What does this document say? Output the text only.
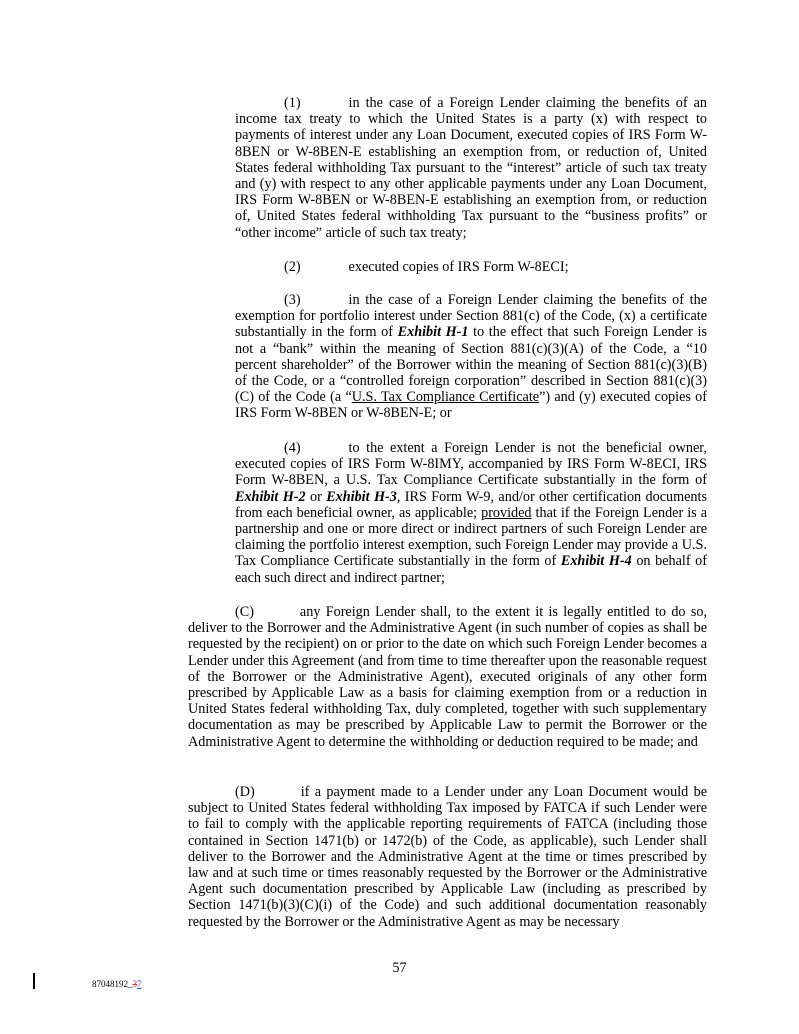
(1)	in the case of a Foreign Lender claiming the benefits of an income tax treaty to which the United States is a party (x) with respect to payments of interest under any Loan Document, executed copies of IRS Form W-8BEN or W-8BEN-E establishing an exemption from, or reduction of, United States federal withholding Tax pursuant to the “interest” article of such tax treaty and (y) with respect to any other applicable payments under any Loan Document, IRS Form W-8BEN or W-8BEN-E establishing an exemption from, or reduction of, United States federal withholding Tax pursuant to the “business profits” or “other income” article of such tax treaty;

(2)	executed copies of IRS Form W-8ECI;

(3)	in the case of a Foreign Lender claiming the benefits of the exemption for portfolio interest under Section 881(c) of the Code, (x) a certificate substantially in the form of Exhibit H-1 to the effect that such Foreign Lender is not a “bank” within the meaning of Section 881(c)(3)(A) of the Code, a “10 percent shareholder” of the Borrower within the meaning of Section 881(c)(3)(B) of the Code, or a “controlled foreign corporation” described in Section 881(c)(3)(C) of the Code (a “U.S. Tax Compliance Certificate”) and (y) executed copies of IRS Form W-8BEN or W-8BEN-E; or

(4)	to the extent a Foreign Lender is not the beneficial owner, executed copies of IRS Form W-8IMY, accompanied by IRS Form W-8ECI, IRS Form W-8BEN, a U.S. Tax Compliance Certificate substantially in the form of Exhibit H-2 or Exhibit H-3, IRS Form W-9, and/or other certification documents from each beneficial owner, as applicable; provided that if the Foreign Lender is a partnership and one or more direct or indirect partners of such Foreign Lender are claiming the portfolio interest exemption, such Foreign Lender may provide a U.S. Tax Compliance Certificate substantially in the form of Exhibit H-4 on behalf of each such direct and indirect partner;

(C)	any Foreign Lender shall, to the extent it is legally entitled to do so, deliver to the Borrower and the Administrative Agent (in such number of copies as shall be requested by the recipient) on or prior to the date on which such Foreign Lender becomes a Lender under this Agreement (and from time to time thereafter upon the reasonable request of the Borrower or the Administrative Agent), executed originals of any other form prescribed by Applicable Law as a basis for claiming exemption from or a reduction in United States federal withholding Tax, duly completed, together with such supplementary documentation as may be prescribed by Applicable Law to permit the Borrower or the Administrative Agent to determine the withholding or deduction required to be made; and

(D)	if a payment made to a Lender under any Loan Document would be subject to United States federal withholding Tax imposed by FATCA if such Lender were to fail to comply with the applicable reporting requirements of FATCA (including those contained in Section 1471(b) or 1472(b) of the Code, as applicable), such Lender shall deliver to the Borrower and the Administrative Agent at the time or times prescribed by law and at such time or times reasonably requested by the Borrower or the Administrative Agent such documentation prescribed by Applicable Law (including as prescribed by Section 1471(b)(3)(C)(i) of the Code) and such additional documentation reasonably requested by the Borrower or the Administrative Agent as may be necessary

57
87048192_37
